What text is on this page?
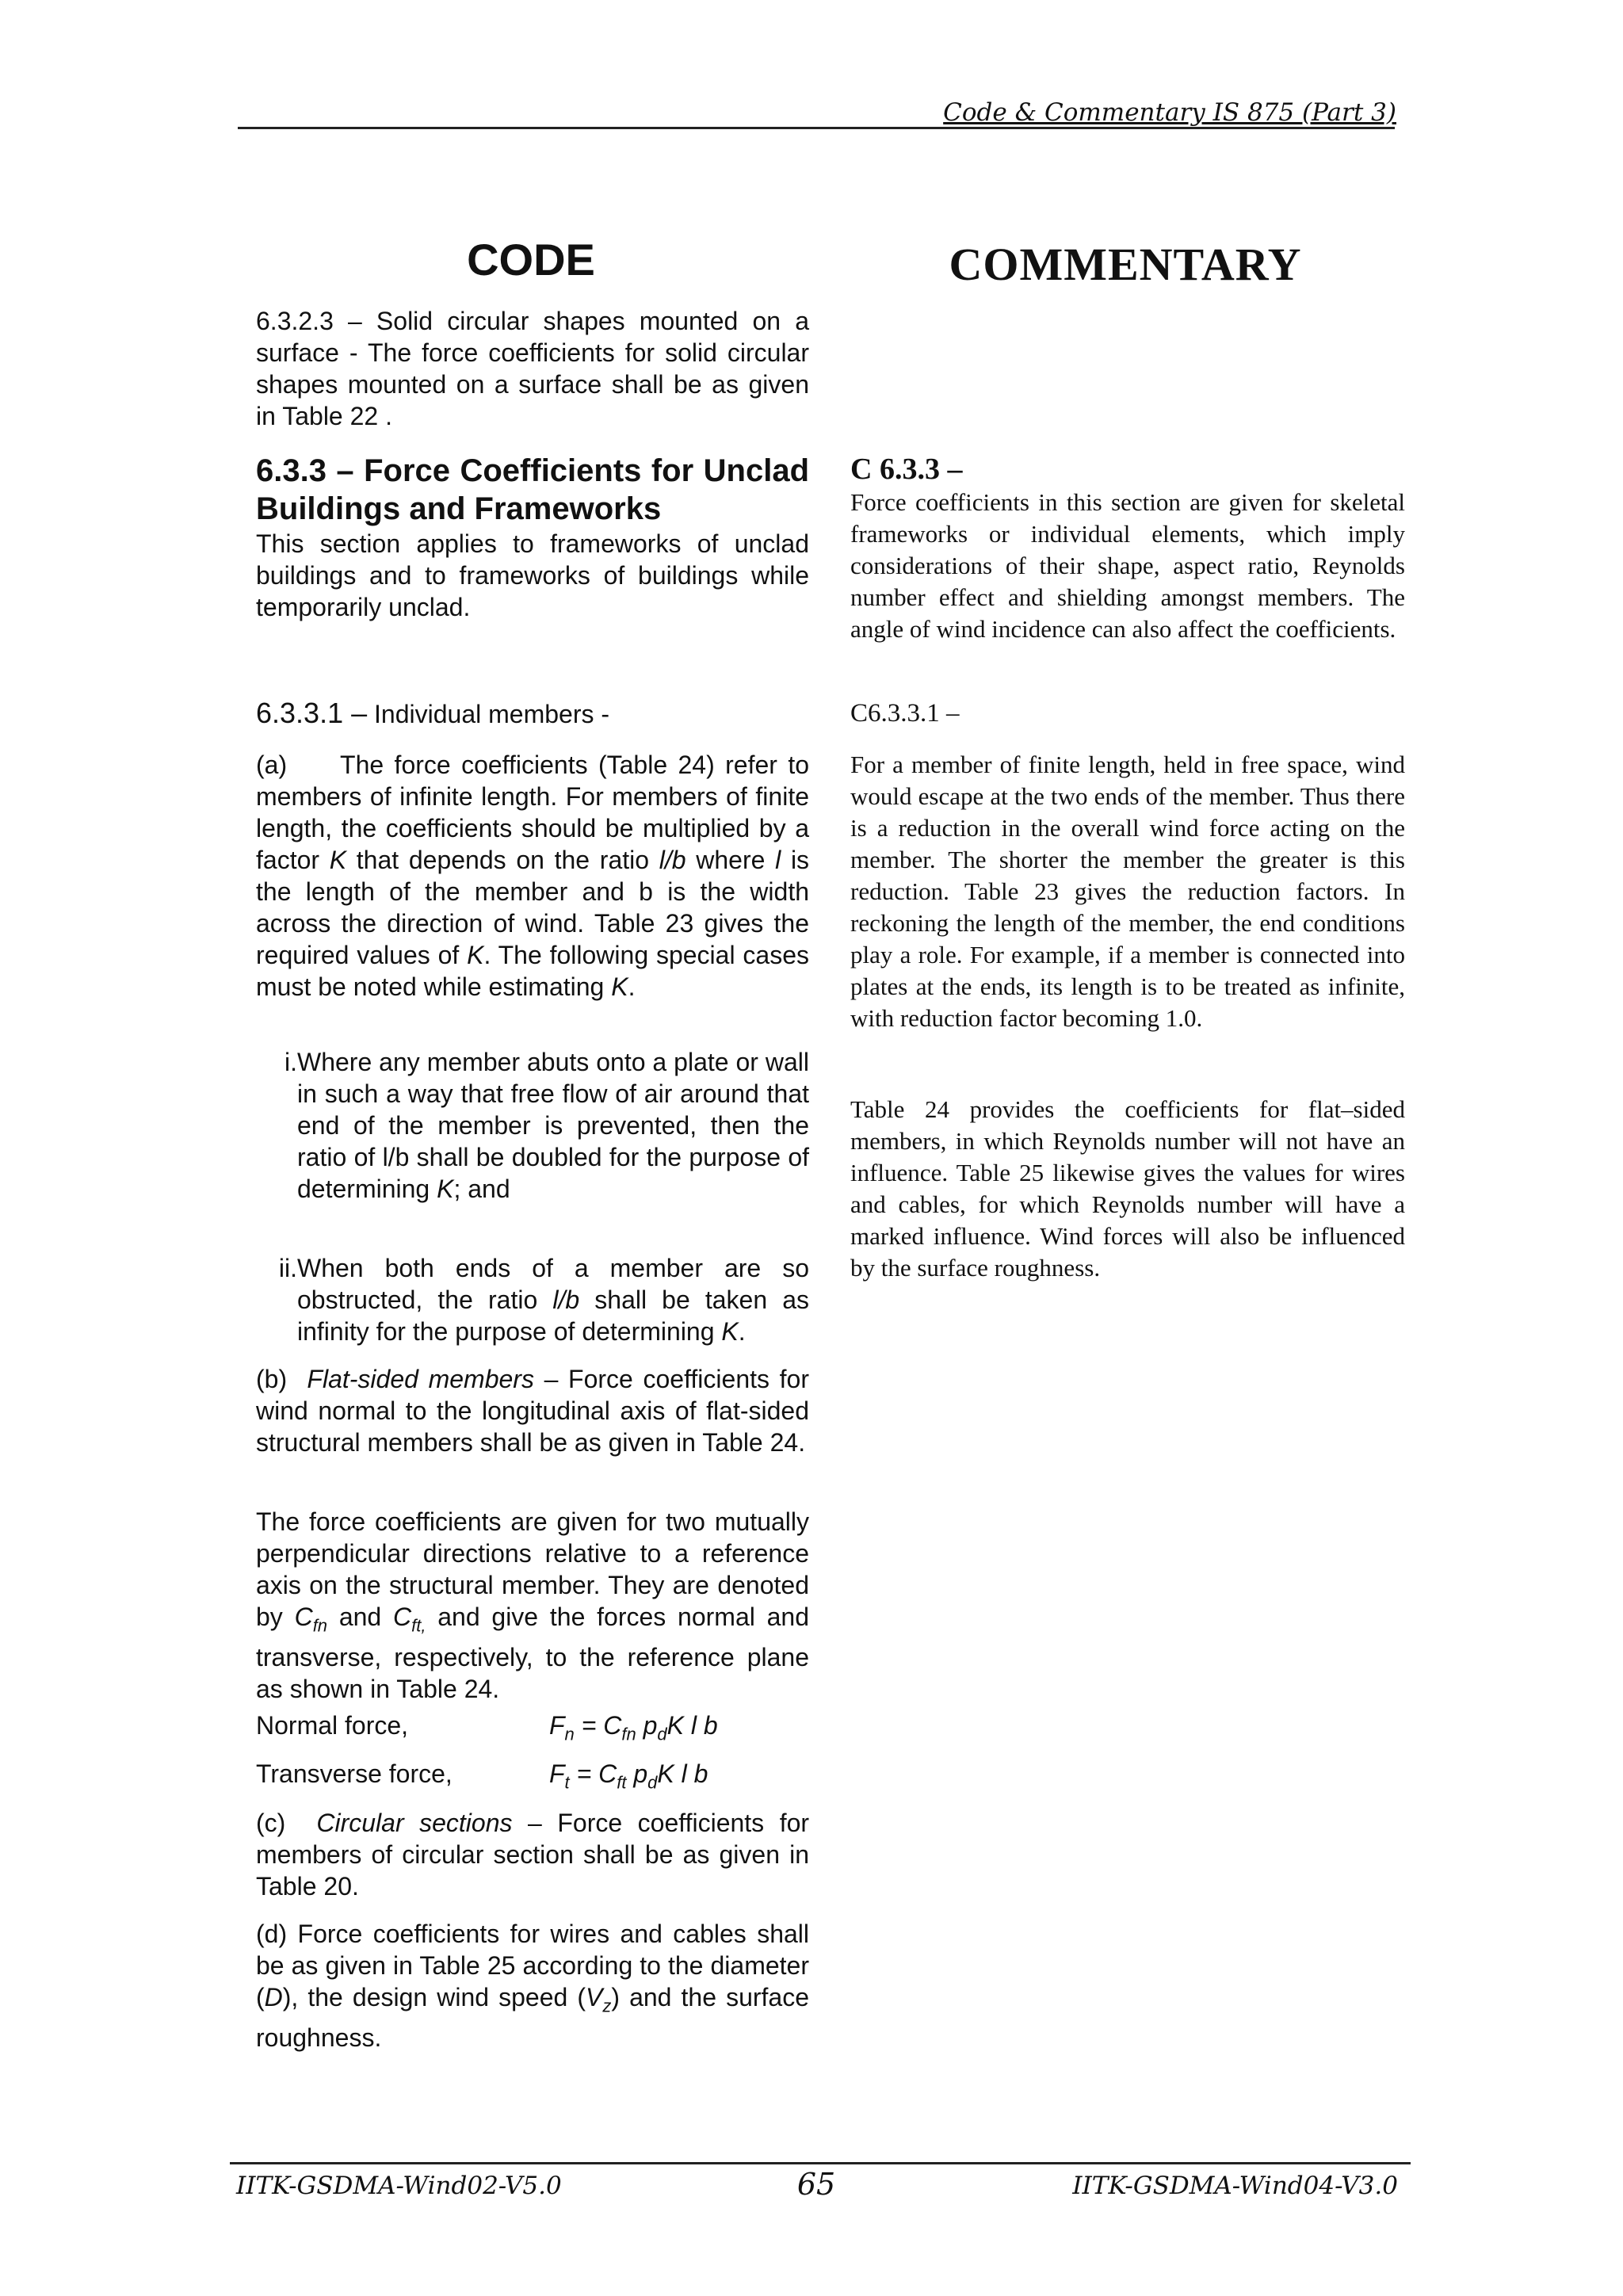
Code & Commentary IS 875 (Part 3)
CODE	COMMENTARY

6.3.2.3 – Solid circular shapes mounted on a surface - The force coefficients for solid circular shapes mounted on a surface shall be as given in Table 22 .

6.3.3 – Force Coefficients for Unclad Buildings and Frameworks

This section applies to frameworks of unclad buildings and to frameworks of buildings while temporarily unclad.

6.3.3.1 – Individual members -

(a) The force coefficients (Table 24) refer to members of infinite length. For members of finite length, the coefficients should be multiplied by a factor K that depends on the ratio l/b where l is the length of the member and b is the width across the direction of wind. Table 23 gives the required values of K. The following special cases must be noted while estimating K.

i. Where any member abuts onto a plate or wall in such a way that free flow of air around that end of the member is prevented, then the ratio of l/b shall be doubled for the purpose of determining K; and
ii. When both ends of a member are so obstructed, the ratio l/b shall be taken as infinity for the purpose of determining K.

(b) Flat-sided members – Force coefficients for wind normal to the longitudinal axis of flat-sided structural members shall be as given in Table 24.

The force coefficients are given for two mutually perpendicular directions relative to a reference axis on the structural member. They are denoted by $C_{fn}$ and $C_{ft,}$ and give the forces normal and transverse, respectively, to the reference plane as shown in Table 24.

Normal force,	$F_n = C_{fn}$ $p_dK$ l b
Transverse force,	$F_t = C_{ft}$ $p_dK$ l b

(c) Circular sections – Force coefficients for members of circular section shall be as given in Table 20.

(d) Force coefficients for wires and cables shall be as given in Table 25 according to the diameter (D), the design wind speed $(V_z)$ and the surface roughness.

C 6.3.3 –

Force coefficients in this section are given for skeletal frameworks or individual elements, which imply considerations of their shape, aspect ratio, Reynolds number effect and shielding amongst members. The angle of wind incidence can also affect the coefficients.

C6.3.3.1 –

For a member of finite length, held in free space, wind would escape at the two ends of the member. Thus there is a reduction in the overall wind force acting on the member. The shorter the member the greater is this reduction. Table 23 gives the reduction factors. In reckoning the length of the member, the end conditions play a role. For example, if a member is connected into plates at the ends, its length is to be treated as infinite, with reduction factor becoming 1.0.

Table 24 provides the coefficients for flat–sided members, in which Reynolds number will not have an influence. Table 25 likewise gives the values for wires and cables, for which Reynolds number will have a marked influence. Wind forces will also be influenced by the surface roughness.

IITK-GSDMA-Wind02-V5.0	65	IITK-GSDMA-Wind04-V3.0
